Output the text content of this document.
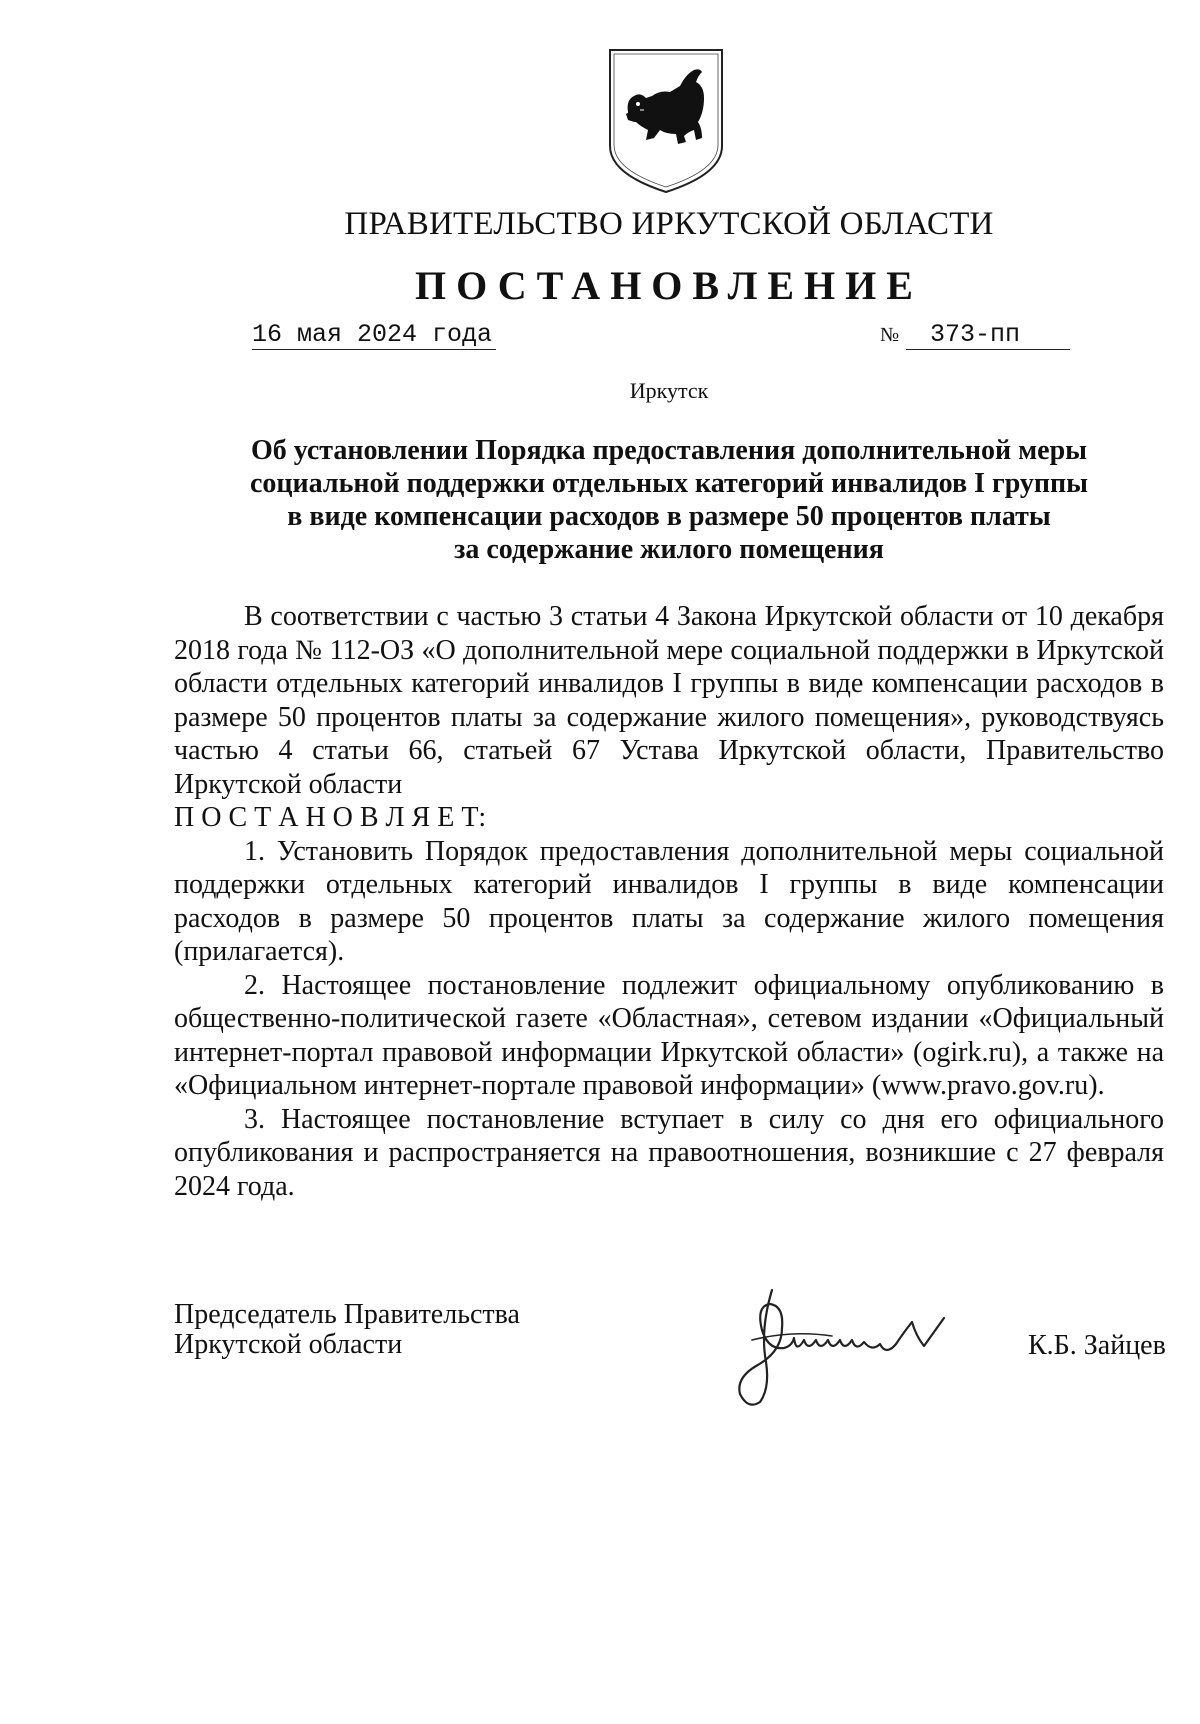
ПРАВИТЕЛЬСТВО ИРКУТСКОЙ ОБЛАСТИ
ПОСТАНОВЛЕНИЕ
16 мая 2024 года	№	373-пп
Иркутск
Об установлении Порядка предоставления дополнительной меры
социальной поддержки отдельных категорий инвалидов I группы
в виде компенсации расходов в размере 50 процентов платы
за содержание жилого помещения

В соответствии с частью 3 статьи 4 Закона Иркутской области от 10 декабря 2018 года № 112-ОЗ «О дополнительной мере социальной поддержки в Иркутской области отдельных категорий инвалидов I группы в виде компенсации расходов в размере 50 процентов платы за содержание жилого помещения», руководствуясь частью 4 статьи 66, статьей 67 Устава Иркутской области, Правительство Иркутской области

П О С Т А Н О В Л Я Е Т:

1. Установить Порядок предоставления дополнительной меры социальной поддержки отдельных категорий инвалидов I группы в виде компенсации расходов в размере 50 процентов платы за содержание жилого помещения (прилагается).

2. Настоящее постановление подлежит официальному опубликованию в общественно-политической газете «Областная», сетевом издании «Официальный интернет-портал правовой информации Иркутской области» (ogirk.ru), а также на «Официальном интернет-портале правовой информации» (www.pravo.gov.ru).

3. Настоящее постановление вступает в силу со дня его официального опубликования и распространяется на правоотношения, возникшие с 27 февраля 2024 года.

Председатель Правительства
Иркутской области	К.Б. Зайцев
